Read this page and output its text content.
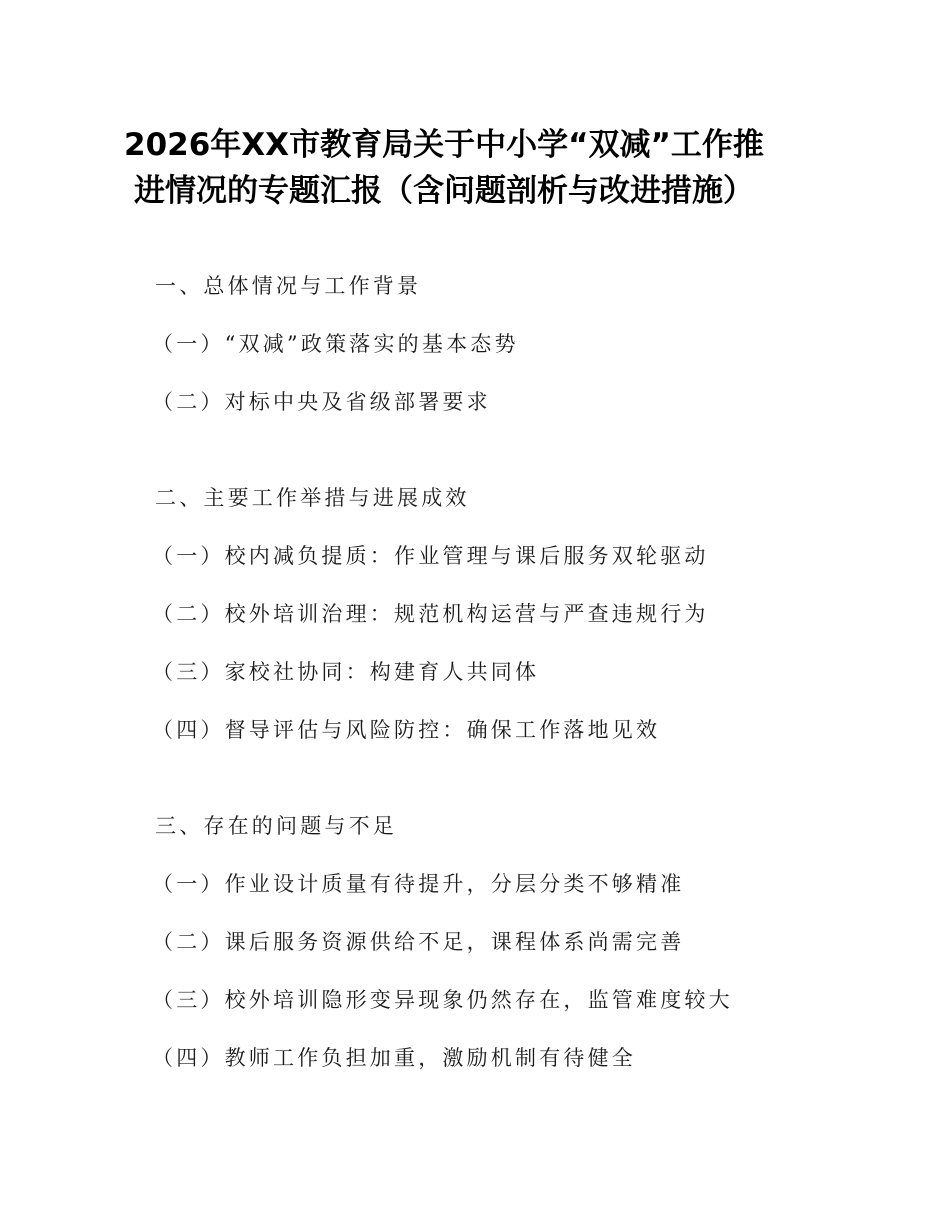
2026年XX市教育局关于中小学“双减”工作推
进情况的专题汇报（含问题剖析与改进措施）
一、总体情况与工作背景
（一）“双减”政策落实的基本态势
（二）对标中央及省级部署要求
二、主要工作举措与进展成效
（一）校内减负提质：作业管理与课后服务双轮驱动
（二）校外培训治理：规范机构运营与严查违规行为
（三）家校社协同：构建育人共同体
（四）督导评估与风险防控：确保工作落地见效
三、存在的问题与不足
（一）作业设计质量有待提升，分层分类不够精准
（二）课后服务资源供给不足，课程体系尚需完善
（三）校外培训隐形变异现象仍然存在，监管难度较大
（四）教师工作负担加重，激励机制有待健全
